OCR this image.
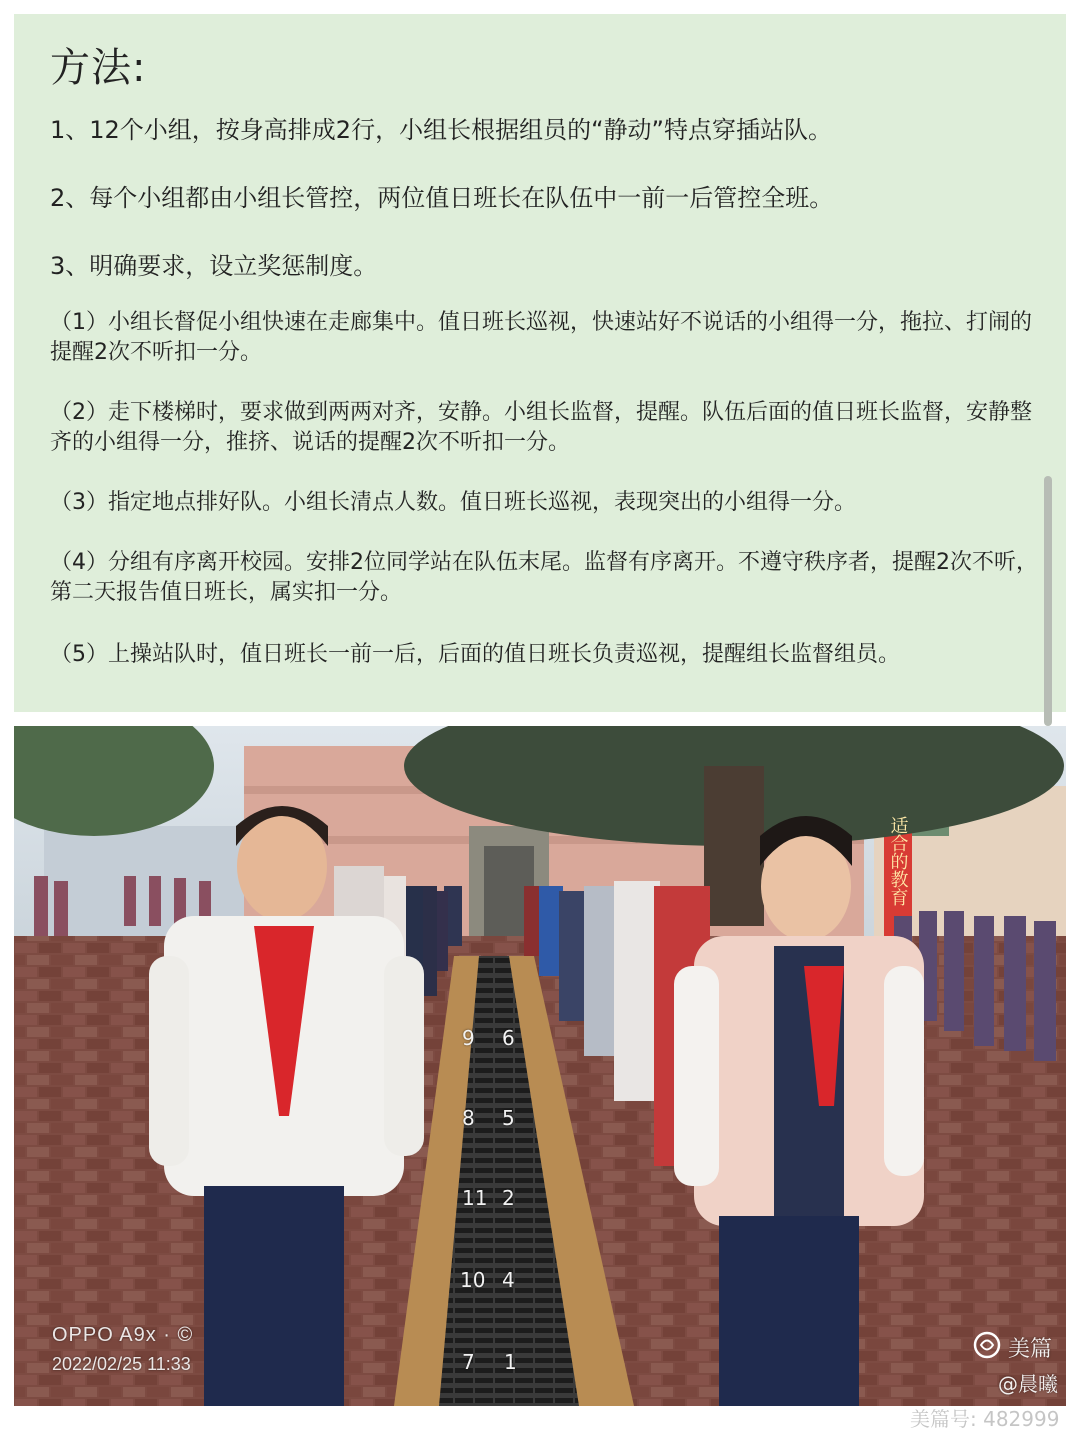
方法:
1、12个小组，按身高排成2行，小组长根据组员的“静动”特点穿插站队。
2、每个小组都由小组长管控，两位值日班长在队伍中一前一后管控全班。
3、明确要求，设立奖惩制度。
（1）小组长督促小组快速在走廊集中。值日班长巡视，快速站好不说话的小组得一分，拖拉、打闹的提醒2次不听扣一分。
（2）走下楼梯时，要求做到两两对齐，安静。小组长监督，提醒。队伍后面的值日班长监督，安静整齐的小组得一分，推挤、说话的提醒2次不听扣一分。
（3）指定地点排好队。小组长清点人数。值日班长巡视，表现突出的小组得一分。
（4）分组有序离开校园。安排2位同学站在队伍末尾。监督有序离开。不遵守秩序者，提醒2次不听，第二天报告值日班长，属实扣一分。
（5）上操站队时，值日班长一前一后，后面的值日班长负责巡视，提醒组长监督组员。
适合的教育
9 6
8 5
11 2
10 4
7 1
OPPO A9x · ©
2022/02/25 11:33
美篇
@晨曦
美篇号: 482999
